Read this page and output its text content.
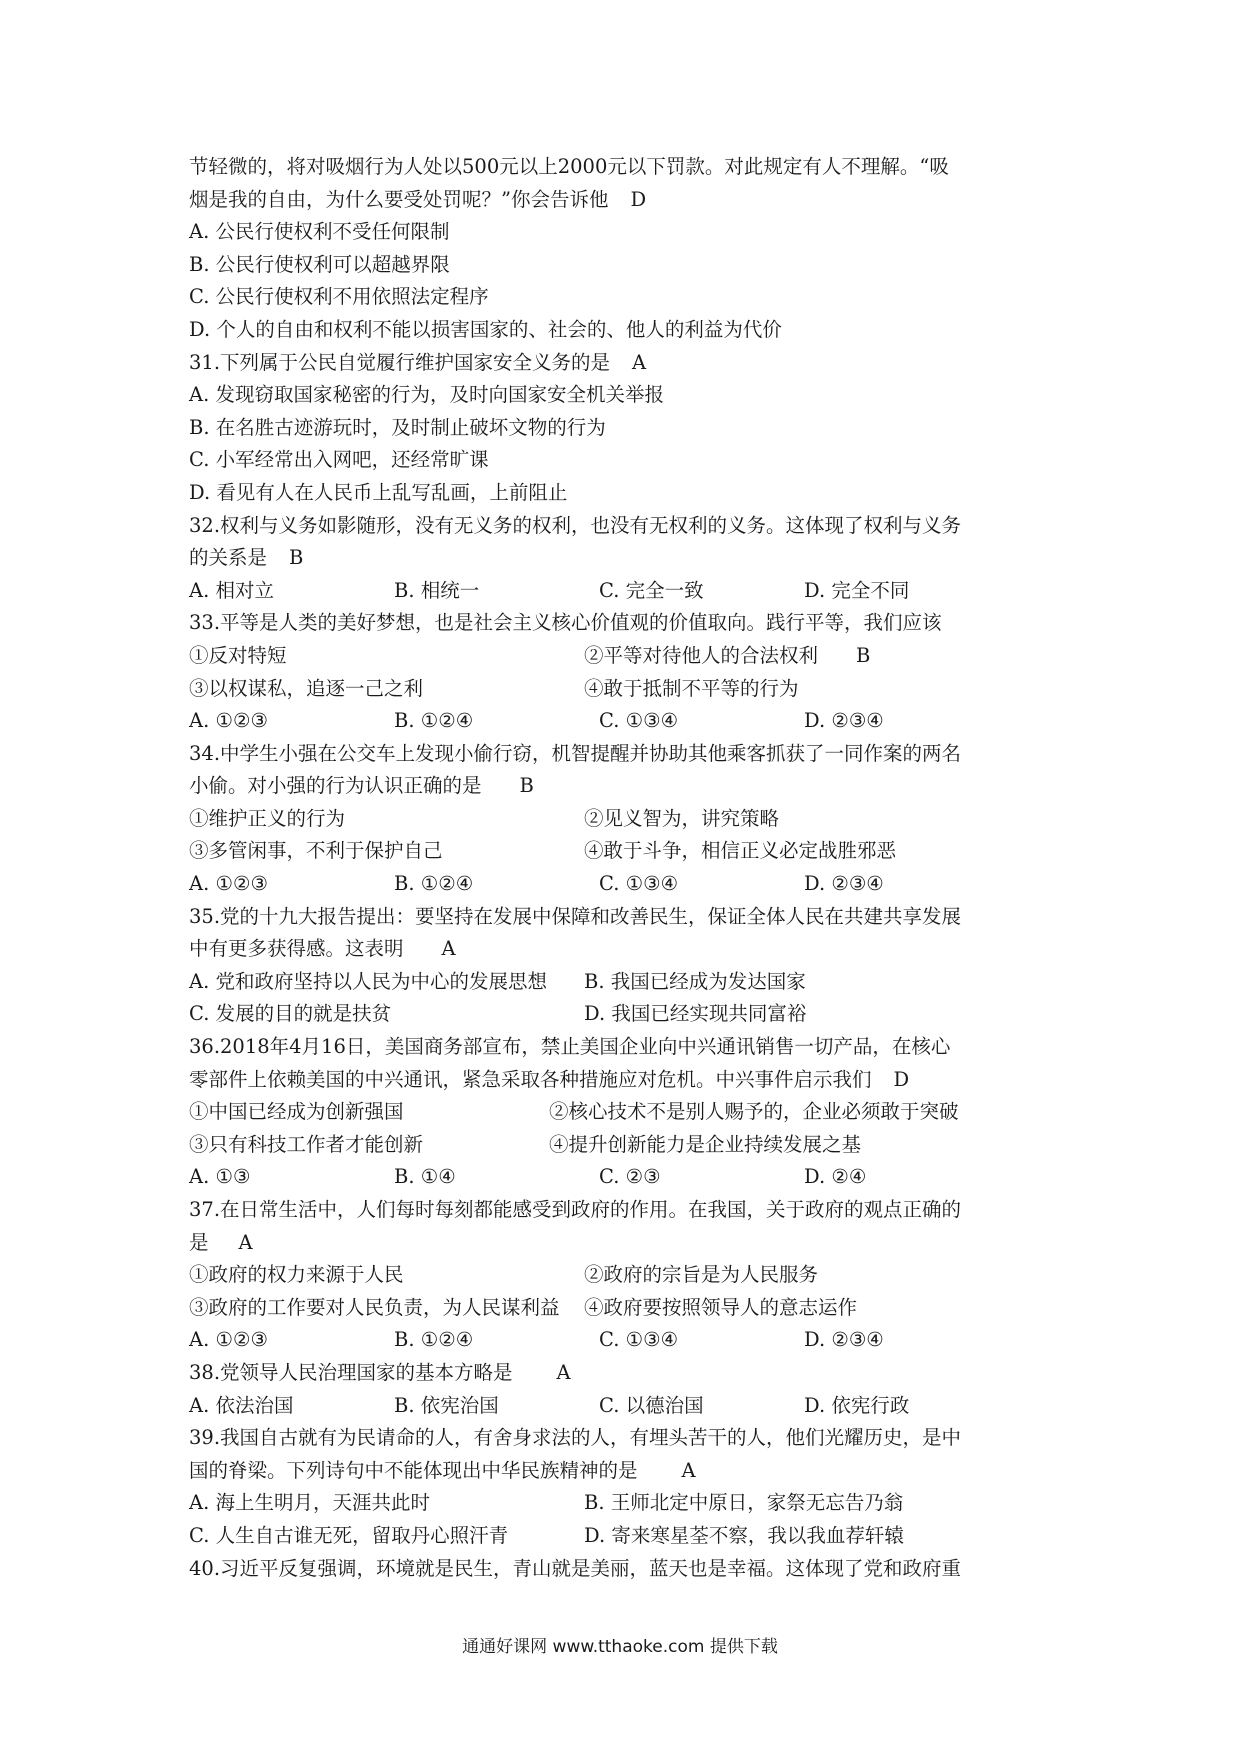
节轻微的，将对吸烟行为人处以500元以上2000元以下罚款。对此规定有人不理解。“吸
烟是我的自由，为什么要受处罚呢？”你会告诉他 D
A. 公民行使权利不受任何限制
B. 公民行使权利可以超越界限
C. 公民行使权利不用依照法定程序
D. 个人的自由和权利不能以损害国家的、社会的、他人的利益为代价
31.下列属于公民自觉履行维护国家安全义务的是 A
A. 发现窃取国家秘密的行为，及时向国家安全机关举报
B. 在名胜古迹游玩时，及时制止破坏文物的行为
C. 小军经常出入网吧，还经常旷课
D. 看见有人在人民币上乱写乱画，上前阻止
32.权利与义务如影随形，没有无义务的权利，也没有无权利的义务。这体现了权利与义务
的关系是 B
A. 相对立	B. 相统一	C. 完全一致	D. 完全不同
33.平等是人类的美好梦想，也是社会主义核心价值观的价值取向。践行平等，我们应该
①反对特短	②平等对待他人的合法权利 B
③以权谋私，追逐一己之利	④敢于抵制不平等的行为
A. ①②③	B. ①②④	C. ①③④	D. ②③④
34.中学生小强在公交车上发现小偷行窃，机智提醒并协助其他乘客抓获了一同作案的两名
小偷。对小强的行为认识正确的是 B
①维护正义的行为	②见义智为，讲究策略
③多管闲事，不利于保护自己	④敢于斗争，相信正义必定战胜邪恶
A. ①②③	B. ①②④	C. ①③④	D. ②③④
35.党的十九大报告提出：要坚持在发展中保障和改善民生，保证全体人民在共建共享发展
中有更多获得感。这表明 A
A. 党和政府坚持以人民为中心的发展思想 B. 我国已经成为发达国家
C. 发展的目的就是扶贫	D. 我国已经实现共同富裕
36.2018年4月16日，美国商务部宣布，禁止美国企业向中兴通讯销售一切产品，在核心
零部件上依赖美国的中兴通讯，紧急采取各种措施应对危机。中兴事件启示我们 D
①中国已经成为创新强国	②核心技术不是别人赐予的，企业必须敢于突破
③只有科技工作者才能创新	④提升创新能力是企业持续发展之基
A. ①③	B. ①④	C. ②③	D. ②④
37.在日常生活中，人们每时每刻都能感受到政府的作用。在我国，关于政府的观点正确的
是 A
①政府的权力来源于人民	②政府的宗旨是为人民服务
③政府的工作要对人民负责，为人民谋利益 ④政府要按照领导人的意志运作
A. ①②③	B. ①②④	C. ①③④	D. ②③④
38.党领导人民治理国家的基本方略是 A
A. 依法治国	B. 依宪治国	C. 以德治国	D. 依宪行政
39.我国自古就有为民请命的人，有舍身求法的人，有埋头苦干的人，他们光耀历史，是中
国的脊梁。下列诗句中不能体现出中华民族精神的是 A
A. 海上生明月，天涯共此时	B. 王师北定中原日，家祭无忘告乃翁
C. 人生自古谁无死，留取丹心照汗青	D. 寄来寒星荃不察，我以我血荐轩辕
40.习近平反复强调，环境就是民生，青山就是美丽，蓝天也是幸福。这体现了党和政府重
通通好课网 www.tthaoke.com 提供下载
